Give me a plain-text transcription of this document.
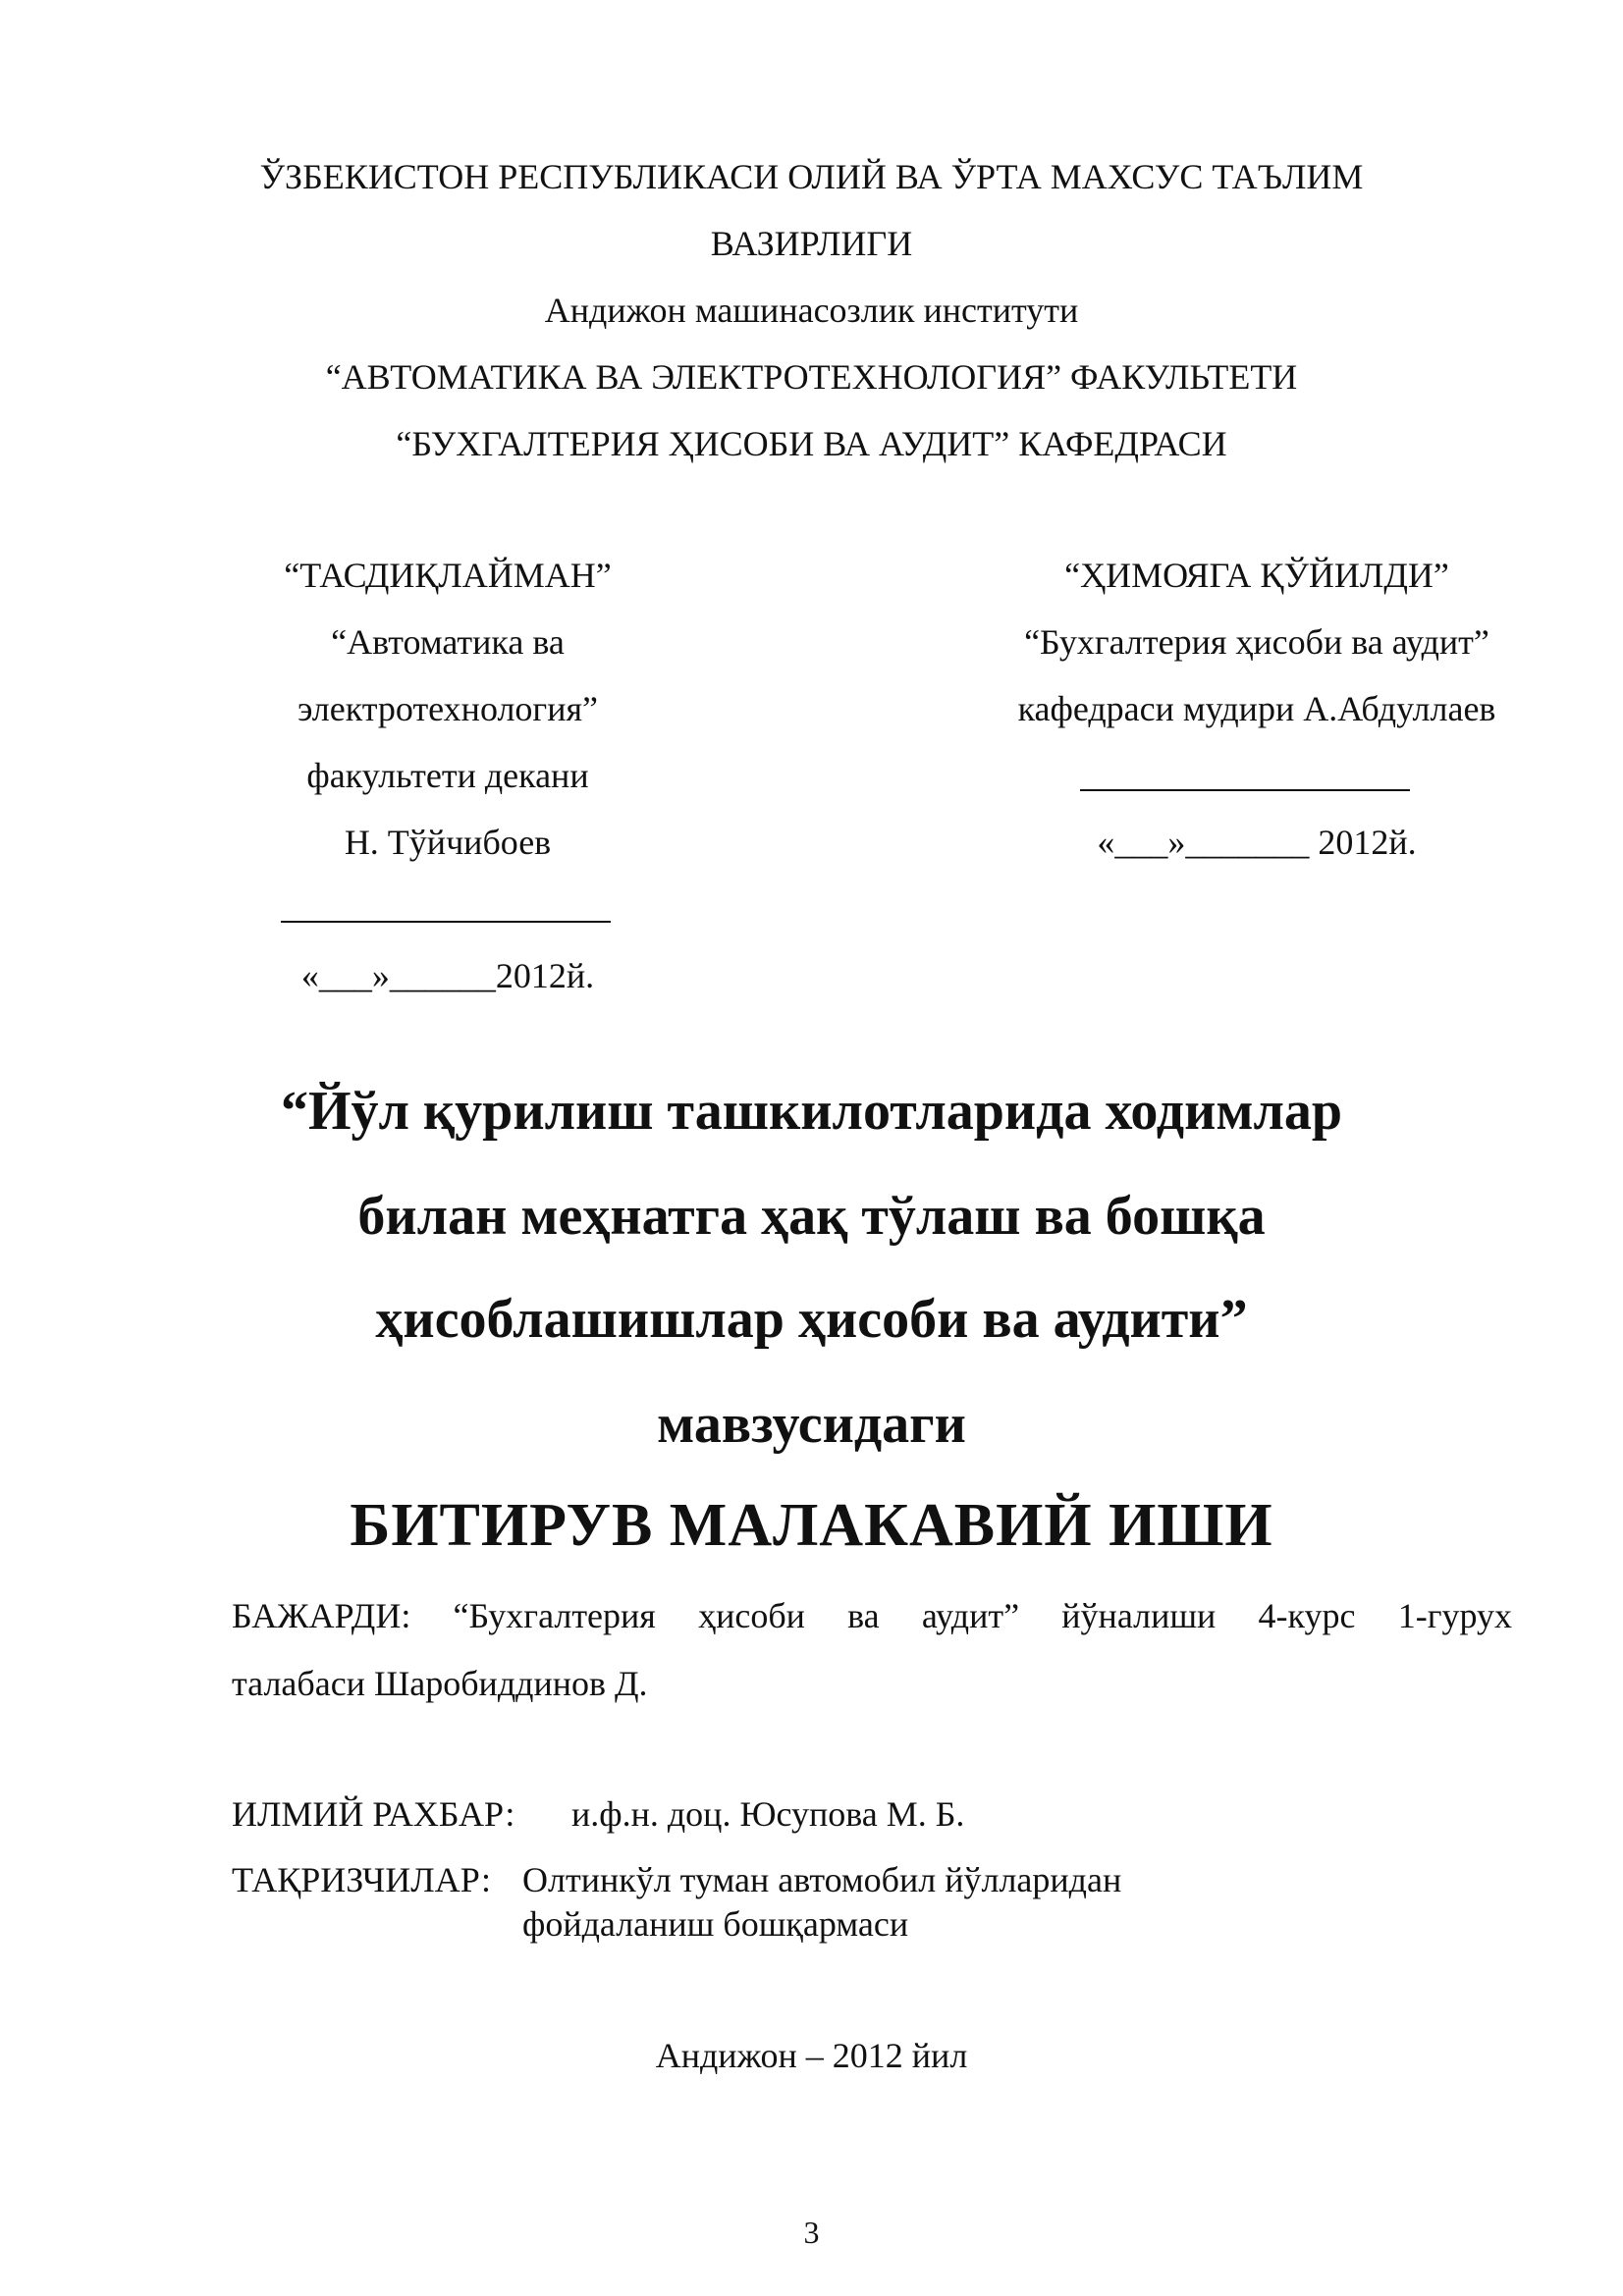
ЎЗБЕКИСТОН РЕСПУБЛИКАСИ ОЛИЙ ВА ЎРТА МАХСУС ТАЪЛИМ
ВАЗИРЛИГИ
Андижон машинасозлик институти
“АВТОМАТИКА ВА ЭЛЕКТРОТЕХНОЛОГИЯ” ФАКУЛЬТЕТИ
“БУХГАЛТЕРИЯ ҲИСОБИ ВА АУДИТ” КАФЕДРАСИ
“ТАСДИҚЛАЙМАН”
“Автоматика ва
электротехнология”
факультети декани
Н. Тўйчибоев
«___»______2012й.
“ҲИМОЯГА ҚЎЙИЛДИ”
“Бухгалтерия ҳисоби ва аудит”
кафедраси мудири А.Абдуллаев
«___»_______ 2012й.
“Йўл қурилиш ташкилотларида ходимлар
билан меҳнатга ҳақ тўлаш ва бошқа
ҳисоблашишлар ҳисоби ва аудити”
мавзусидаги
БИТИРУВ МАЛАКАВИЙ ИШИ
БАЖАРДИ: “Бухгалтерия ҳисоби ва аудит” йўналиши 4-курс 1-гурух
талабаси Шаробиддинов Д.
ИЛМИЙ РАХБАР: и.ф.н. доц. Юсупова М. Б.
ТАҚРИЗЧИЛАР: Олтинкўл туман автомобил йўлларидан
фойдаланиш бошқармаси
Андижон – 2012 йил
3
